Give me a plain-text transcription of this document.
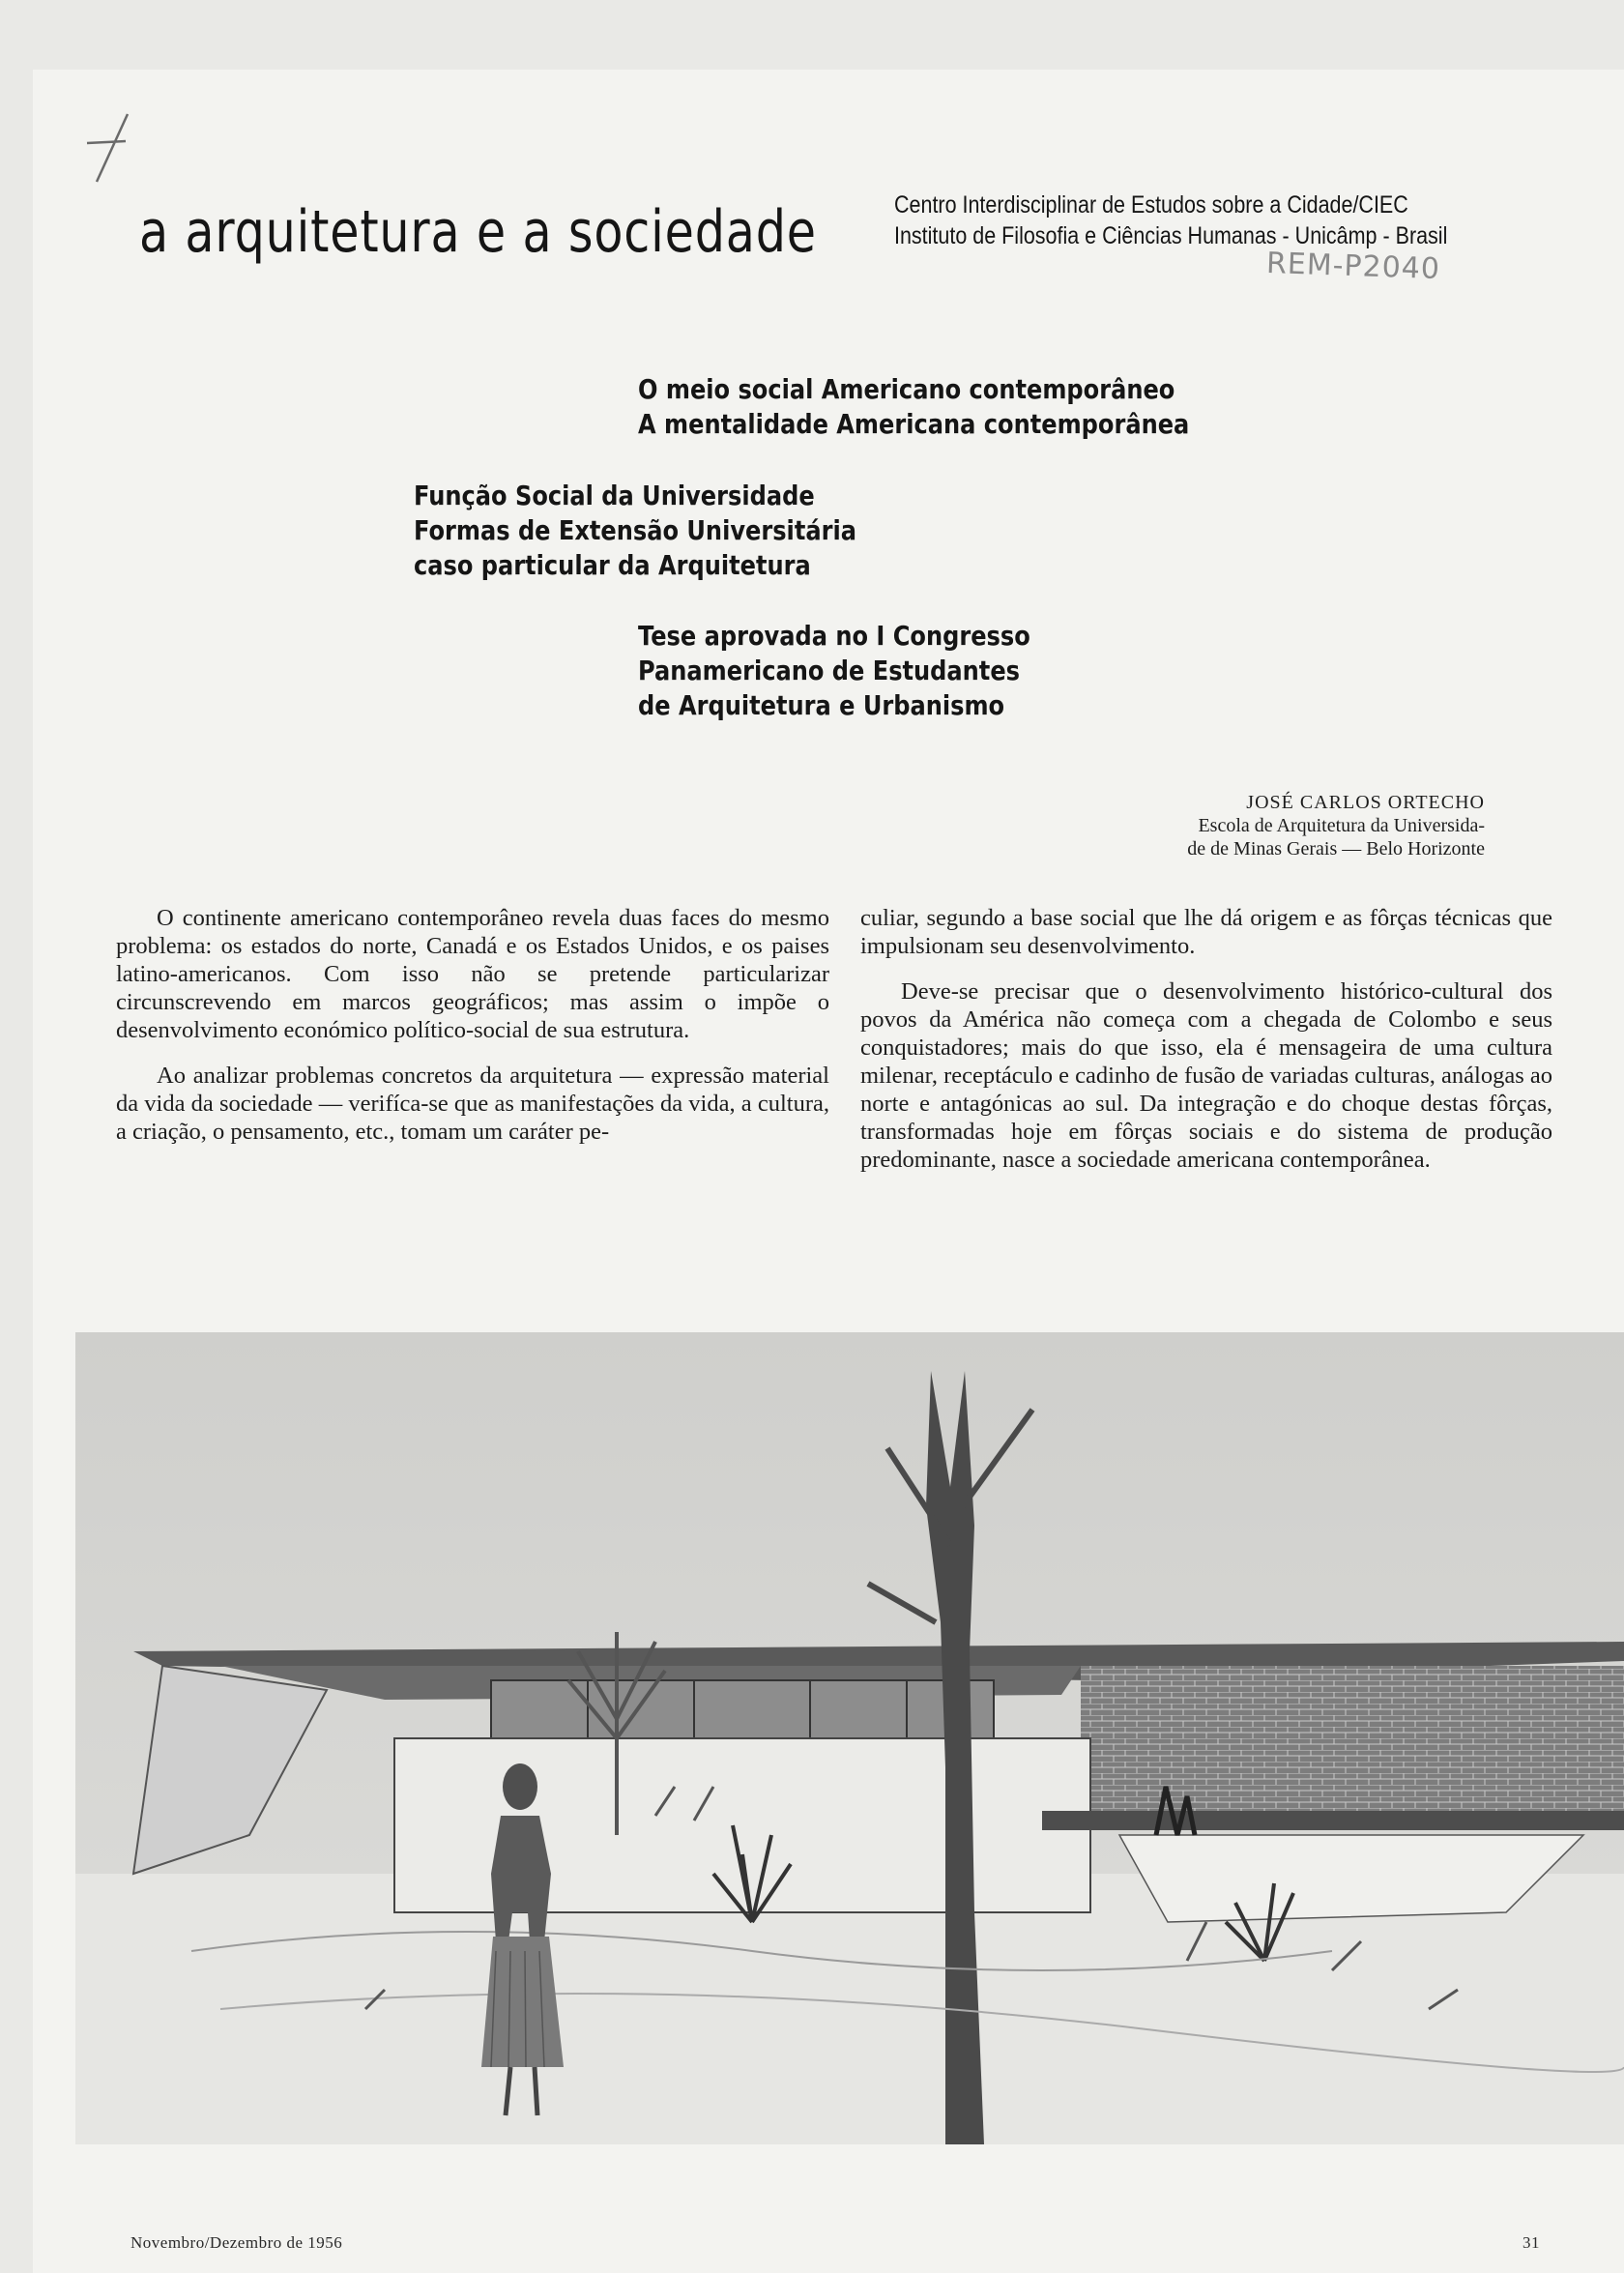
a arquitetura e a sociedade	Centro Interdisciplinar de Estudos sobre a Cidade/CIEC
Instituto de Filosofia e Ciências Humanas - Unicâmp - Brasil
REM-P2040
O meio social Americano contemporâneo
A mentalidade Americana contemporânea
Função Social da Universidade
Formas de Extensão Universitária
caso particular da Arquitetura
Tese aprovada no I Congresso
Panamericano de Estudantes
de Arquitetura e Urbanismo
JOSÉ CARLOS ORTECHO
Escola de Arquitetura da Universida-
de de Minas Gerais — Belo Horizonte

O continente americano contemporâneo revela duas faces do mesmo problema: os estados do norte, Canadá e os Estados Unidos, e os paises latino-americanos. Com isso não se pretende particularizar circunscrevendo em marcos geográficos; mas assim o impõe o desenvolvimento económico político-social de sua estrutura.

Ao analizar problemas concretos da arquitetura — expressão material da vida da sociedade — verifíca-se que as manifestações da vida, a cultura, a criação, o pensamento, etc., tomam um caráter pe-

culiar, segundo a base social que lhe dá origem e as fôrças técnicas que impulsionam seu desenvolvimento.

Deve-se precisar que o desenvolvimento histórico-cultural dos povos da América não começa com a chegada de Colombo e seus conquistadores; mais do que isso, ela é mensageira de uma cultura milenar, receptáculo e cadinho de fusão de variadas culturas, análogas ao norte e antagónicas ao sul. Da integração e do choque destas fôrças, transformadas hoje em fôrças sociais e do sistema de produção predominante, nasce a sociedade americana contemporânea.

Novembro/Dezembro de 1956	31
